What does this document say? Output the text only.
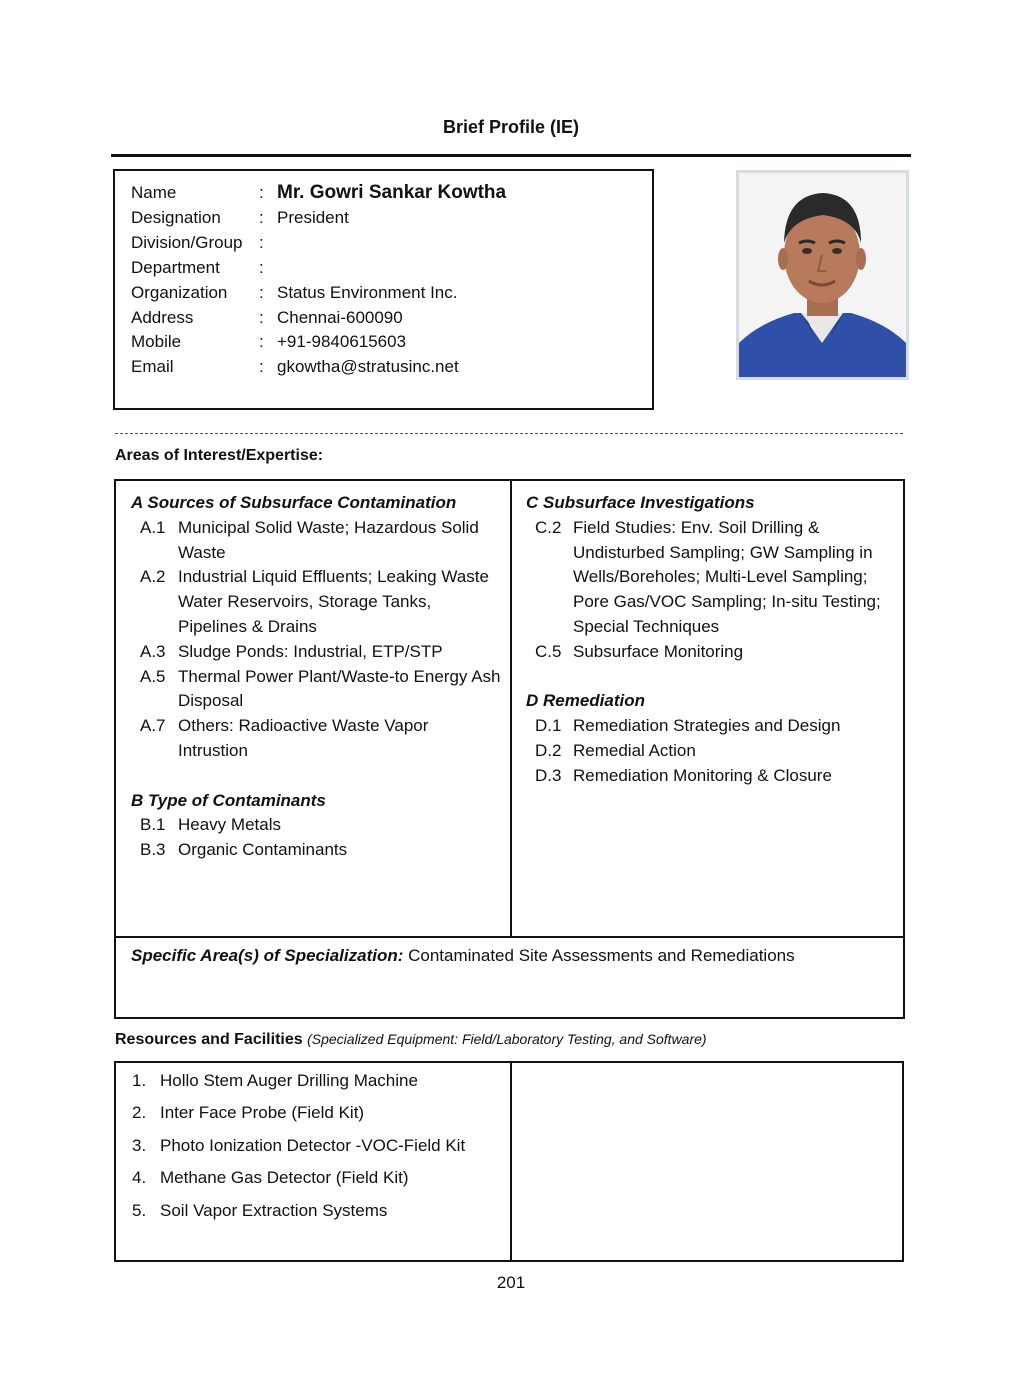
Brief Profile (IE)
Name	: Mr. Gowri Sankar Kowtha
Designation : President
Division/Group :
Department :
Organization : Status Environment Inc.
Address	: Chennai-600090
Mobile	: +91-9840615603
Email	: gkowtha@stratusinc.net
Areas of Interest/Expertise:
A Sources of Subsurface Contamination
A.1 Municipal Solid Waste; Hazardous Solid Waste
A.2 Industrial Liquid Effluents; Leaking Waste Water Reservoirs, Storage Tanks, Pipelines & Drains
A.3 Sludge Ponds: Industrial, ETP/STP
A.5 Thermal Power Plant/Waste-to Energy Ash Disposal
A.7 Others: Radioactive Waste Vapor Intrustion
B Type of Contaminants
B.1 Heavy Metals
B.3 Organic Contaminants
C Subsurface Investigations
C.2 Field Studies: Env. Soil Drilling & Undisturbed Sampling; GW Sampling in Wells/Boreholes; Multi-Level Sampling; Pore Gas/VOC Sampling; In-situ Testing; Special Techniques
C.5 Subsurface Monitoring
D Remediation
D.1 Remediation Strategies and Design
D.2 Remedial Action
D.3 Remediation Monitoring & Closure
Specific Area(s) of Specialization: Contaminated Site Assessments and Remediations
Resources and Facilities (Specialized Equipment: Field/Laboratory Testing, and Software)
1. Hollo Stem Auger Drilling Machine
2. Inter Face Probe (Field Kit)
3. Photo Ionization Detector -VOC-Field Kit
4. Methane Gas Detector (Field Kit)
5. Soil Vapor Extraction Systems
201
